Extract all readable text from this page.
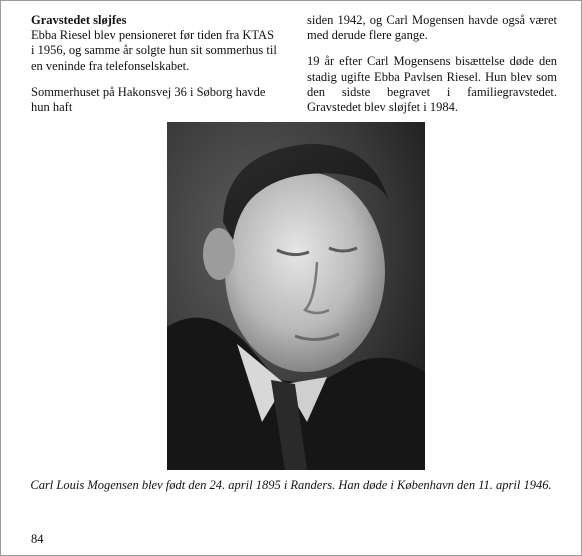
Gravstedet sløjfes
Ebba Riesel blev pensioneret før tiden fra KTAS i 1956, og samme år solgte hun sit sommerhus til en veninde fra telefonselskabet.

Sommerhuset på Hakonsvej 36 i Søborg havde hun haft

siden 1942, og Carl Mogensen havde også været med derude flere gange.

19 år efter Carl Mogensens bisættelse døde den stadig ugifte Ebba Pavlsen Riesel. Hun blev som den sidste begravet i familiegravstedet. Gravstedet blev sløjfet i 1984.

Carl Louis Mogensen blev født den 24. april 1895 i Randers. Han døde i København den 11. april 1946.
84
